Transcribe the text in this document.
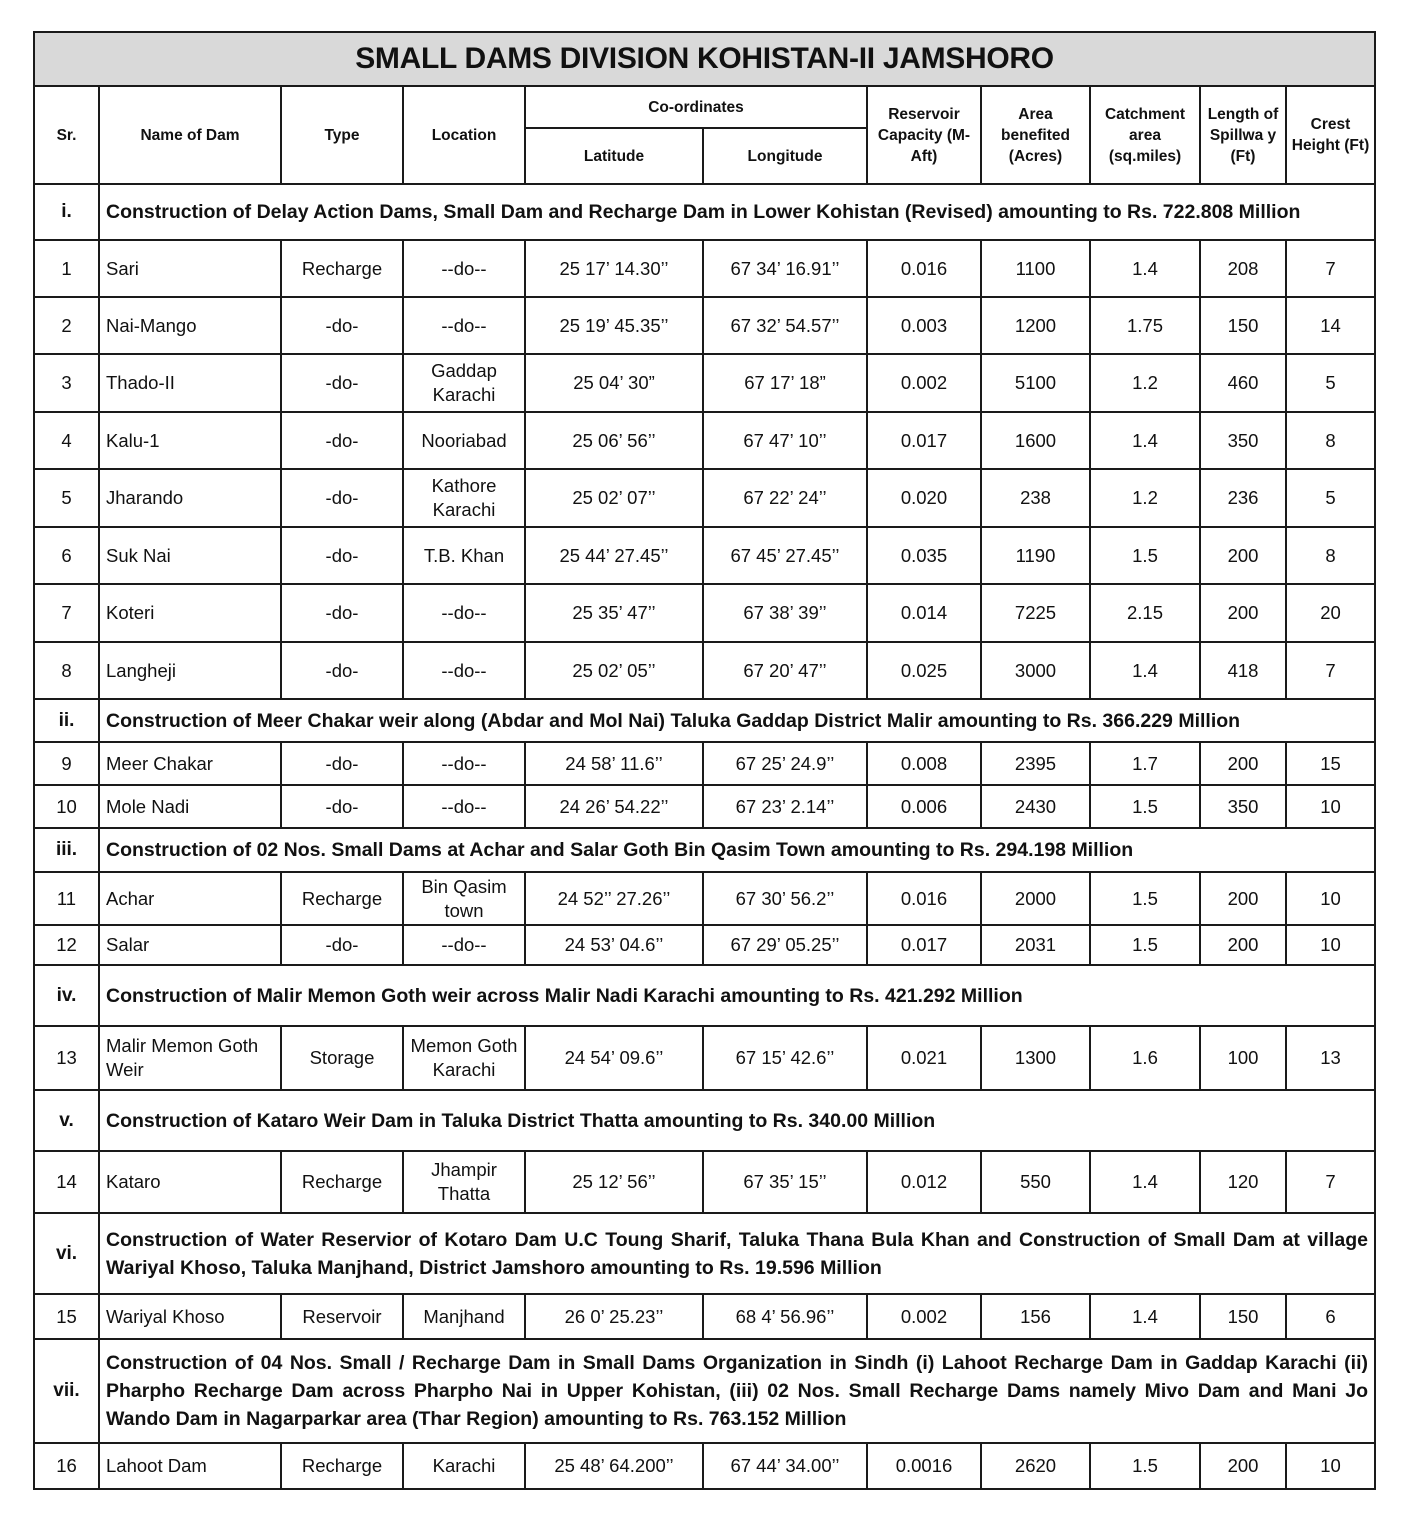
SMALL DAMS DIVISION KOHISTAN-II JAMSHORO										
Sr.	Name of Dam	Type	Location	Co-ordinates		Reservoir Capacity (M-Aft)	Area benefited (Acres)	Catchment area (sq.miles)	Length of Spillwa y (Ft)	Crest Height (Ft)
				Latitude	Longitude					
i.	Construction of Delay Action Dams, Small Dam and Recharge Dam in Lower Kohistan (Revised) amounting to Rs. 722.808 Million									
1	Sari	Recharge	--do--	25 17’ 14.30’’	67 34’ 16.91’’	0.016	1100	1.4	208	7
2	Nai-Mango	-do-	--do--	25 19’ 45.35’’	67 32’ 54.57’’	0.003	1200	1.75	150	14
3	Thado-II	-do-	Gaddap Karachi	25 04’ 30”	67 17’ 18”	0.002	5100	1.2	460	5
4	Kalu-1	-do-	Nooriabad	25 06’ 56’’	67 47’ 10’’	0.017	1600	1.4	350	8
5	Jharando	-do-	Kathore Karachi	25 02’ 07’’	67 22’ 24’’	0.020	238	1.2	236	5
6	Suk Nai	-do-	T.B. Khan	25 44’ 27.45’’	67 45’ 27.45’’	0.035	1190	1.5	200	8
7	Koteri	-do-	--do--	25 35’ 47’’	67 38’ 39’’	0.014	7225	2.15	200	20
8	Langheji	-do-	--do--	25 02’ 05’’	67 20’ 47’’	0.025	3000	1.4	418	7
ii.	Construction of Meer Chakar weir along (Abdar and Mol Nai) Taluka Gaddap District Malir amounting to Rs. 366.229 Million									
9	Meer Chakar	-do-	--do--	24 58’ 11.6’’	67 25’ 24.9’’	0.008	2395	1.7	200	15
10	Mole Nadi	-do-	--do--	24 26’ 54.22’’	67 23’ 2.14’’	0.006	2430	1.5	350	10
iii.	Construction of 02 Nos. Small Dams at Achar and Salar Goth Bin Qasim Town amounting to Rs. 294.198 Million									
11	Achar	Recharge	Bin Qasim town	24 52’’ 27.26’’	67 30’ 56.2’’	0.016	2000	1.5	200	10
12	Salar	-do-	--do--	24 53’ 04.6’’	67 29’ 05.25’’	0.017	2031	1.5	200	10
iv.	Construction of Malir Memon Goth weir across Malir Nadi Karachi amounting to Rs. 421.292 Million									
13	Malir Memon Goth Weir	Storage	Memon Goth Karachi	24 54’ 09.6’’	67 15’ 42.6’’	0.021	1300	1.6	100	13
v.	Construction of Kataro Weir Dam in Taluka District Thatta amounting to Rs. 340.00 Million									
14	Kataro	Recharge	Jhampir Thatta	25 12’ 56’’	67 35’ 15’’	0.012	550	1.4	120	7
vi.	Construction of Water Reservior of Kotaro Dam U.C Toung Sharif, Taluka Thana Bula Khan and Construction of Small Dam at village Wariyal Khoso, Taluka Manjhand, District Jamshoro amounting to Rs. 19.596 Million									
15	Wariyal Khoso	Reservoir	Manjhand	26 0’ 25.23’’	68 4’ 56.96’’	0.002	156	1.4	150	6
vii.	Construction of 04 Nos. Small / Recharge Dam in Small Dams Organization in Sindh (i) Lahoot Recharge Dam in Gaddap Karachi (ii) Pharpho Recharge Dam across Pharpho Nai in Upper Kohistan, (iii) 02 Nos. Small Recharge Dams namely Mivo Dam and Mani Jo Wando Dam in Nagarparkar area (Thar Region) amounting to Rs. 763.152 Million									
16	Lahoot Dam	Recharge	Karachi	25 48’ 64.200’’	67 44’ 34.00’’	0.0016	2620	1.5	200	10
